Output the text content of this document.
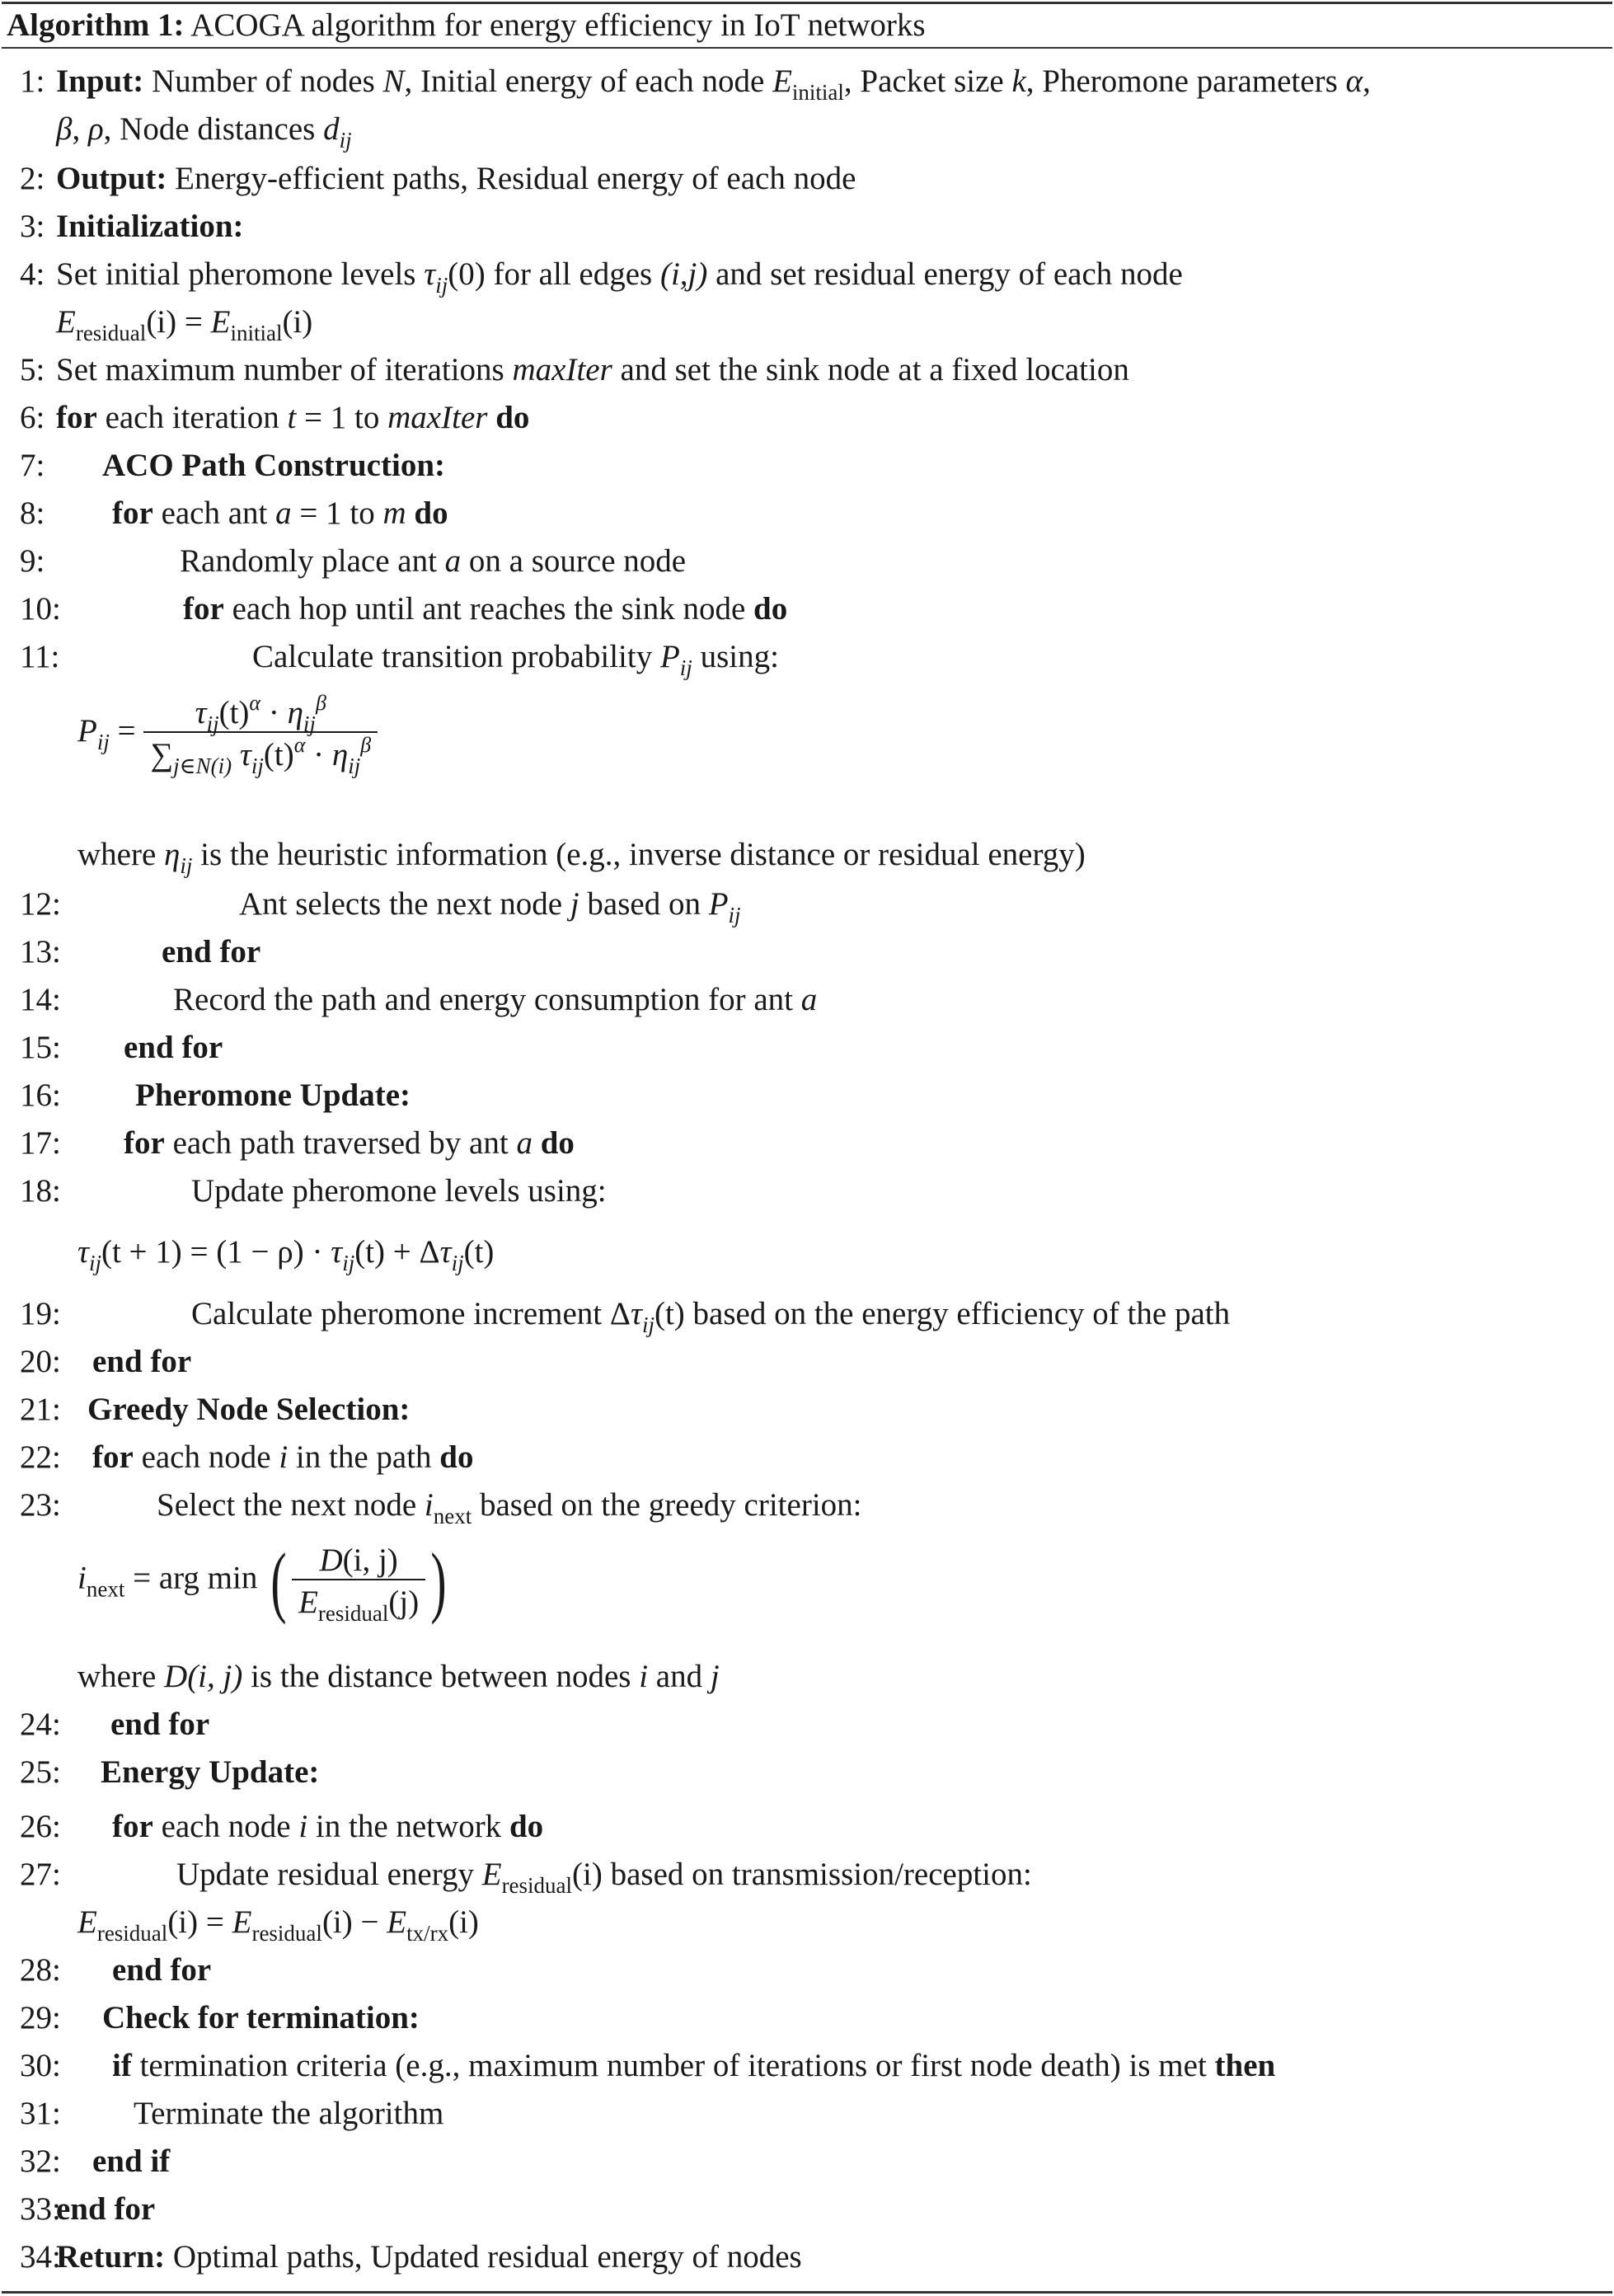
Algorithm 1: ACOGA algorithm for energy efficiency in IoT networks
1: Input: Number of nodes N, Initial energy of each node $E_{initial}$, Packet size k, Pheromone parameters α,
β, ρ, Node distances $d_{ij}$
2: Output: Energy-efficient paths, Residual energy of each node
3: Initialization:
4: Set initial pheromone levels $\tau_{ij}(0)$ for all edges (i,j) and set residual energy of each node
$E_{residual}(i) = E_{initial}(i)$
5: Set maximum number of iterations maxIter and set the sink node at a fixed location
6: for each iteration t = 1 to maxIter do
7: ACO Path Construction:
8: for each ant a = 1 to m do
9:	Randomly place ant a on a source node
10:	for each hop until ant reaches the sink node do
11:	Calculate transition probability $P_{ij}$ using:
$P_{ij} = \frac{\tau_{ij}(t)^\alpha \cdot \eta_{ij}^\beta}{\sum_{j\in N(i)} \tau_{ij}(t)^\alpha \cdot \eta_{ij}^\beta}$
where $\eta_{ij}$ is the heuristic information (e.g., inverse distance or residual energy)
12:	Ant selects the next node j based on $P_{ij}$
13:	end for
14:	Record the path and energy consumption for ant a
15: end for
16: Pheromone Update:
17: for each path traversed by ant a do
18:	Update pheromone levels using:
$\tau_{ij}(t + 1) = (1 - \rho) \cdot \tau_{ij}(t) + \Delta\tau_{ij}(t)$
19:	Calculate pheromone increment $\Delta\tau_{ij}(t)$ based on the energy efficiency of the path
20: end for
21: Greedy Node Selection:
22: for each node i in the path do
23:	Select the next node $i_{next}$ based on the greedy criterion:
$i_{next}$ = arg min ( $\frac{D(i, j)}{E_{residual}(j)}$ )
where D(i, j) is the distance between nodes i and j
24: end for
25: Energy Update:
26: for each node i in the network do
27:	Update residual energy $E_{residual}(i)$ based on transmission/reception:
$E_{residual}(i) = E_{residual}(i) - E_{tx/rx}(i)$
28: end for
29: Check for termination:
30: if termination criteria (e.g., maximum number of iterations or first node death) is met then
31: Terminate the algorithm
32: end if
33:
end for
34:
Return: Optimal paths, Updated residual energy of nodes
